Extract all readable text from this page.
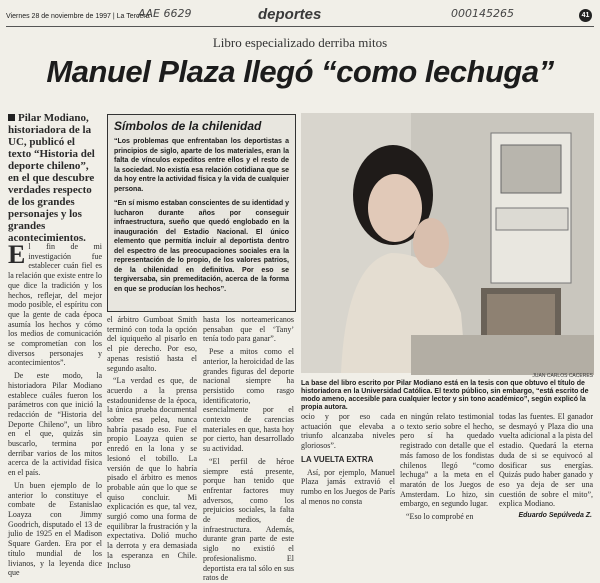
Viernes 28 de noviembre de 1997 | La Tercera
AAE 6629	deportes	000145265	41
Libro especializado derriba mitos
Manuel Plaza llegó “como lechuga”
Pilar Modiano, historiadora de la UC, publicó el texto “Historia del deporte chileno”, en el que descubre verdades respecto de los grandes personajes y los grandes acontecimientos.
Símbolos de la chilenidad

“Los problemas que enfrentaban los deportistas a principios de siglo, aparte de los materiales, eran la falta de vínculos expeditos entre ellos y el resto de la sociedad. No existía esa relación cotidiana que se da hoy entre la actividad física y la vida de cualquier persona.

“En sí mismo estaban conscientes de su identidad y lucharon durante años por conseguir infraestructura, sueño que quedó englobado en la inauguración del Estadio Nacional. El único elemento que permitía incluir al deportista dentro del espectro de las preocupaciones sociales era la representación de lo propio, de los valores patrios, de la chilenidad en definitiva. Por eso se tergiversaba, sin premeditación, acerca de la forma en que se producían los hechos”.

JUAN CARLOS CACERES
La base del libro escrito por Pilar Modiano está en la tesis con que obtuvo el título de historiadora en la Universidad Católica. El texto público, sin embargo, “está escrito de modo ameno, accesible para cualquier lector y sin tono académico”, según explicó la propia autora.

El fin de mi investigación fue establecer cuán fiel es la relación que existe entre lo que dice la tradición y los hechos, reflejar, del mejor modo posible, el espíritu con que la gente de cada época asumía los hechos y cómo los medios de comunicación se comprometían con los diversos personajes y acontecimientos”.

De este modo, la historiadora Pilar Modiano establece cuáles fueron los parámetros con que inició la redacción de “Historia del Deporte Chileno”, un libro en el que, quizás sin buscarlo, termina por derribar varios de los mitos acerca de la actividad física en el país.

Un buen ejemplo de lo anterior lo constituye el combate de Estanislao Loayza con Jimmy Goodrich, disputado el 13 de julio de 1925 en el Madison Square Garden. Era por el título mundial de los livianos, y la leyenda dice que

el árbitro Gumboat Smith terminó con toda la opción del iquiqueño al pisarlo en el pie derecho. Por eso, apenas resistió hasta el segundo asalto.

“La verdad es que, de acuerdo a la prensa estadounidense de la época, la única prueba documental sobre esa pelea, nunca habría pasado eso. Fue el propio Loayza quien se enredó en la lona y se lesionó el tobillo. La versión de que lo habría pisado el árbitro es menos probable aún que lo que se quiso concluir. Mi explicación es que, tal vez, surgió como una forma de equilibrar la frustración y la expectativa. Dolió mucho la derrota y era demasiada la esperanza en Chile. Incluso

hasta los norteamericanos pensaban que el ‘Tany’ tenía todo para ganar”.

Pese a mitos como el anterior, la heroicidad de las grandes figuras del deporte nacional siempre ha persistido como rasgo identificatorio, esencialmente por el contexto de carencias materiales en que, hasta hoy por cierto, han desarrollado su actividad.

“El perfil de héroe siempre está presente, porque han tenido que enfrentar factores muy adversos, como los prejuicios sociales, la falta de medios, de infraestructura. Además, durante gran parte de este siglo no existió el profesionalismo. El deportista era tal sólo en sus ratos de

ocio y por eso cada actuación que elevaba a triunfo alcanzaba niveles gloriosos”.

LA VUELTA EXTRA

Así, por ejemplo, Manuel Plaza jamás extravió el rumbo en los Juegos de París al menos no consta

en ningún relato testimonial o texto serio sobre el hecho, pero sí ha quedado registrado con detalle que el más famoso de los fondistas chilenos llegó “como lechuga” a la meta en el maratón de los Juegos de Amsterdam. Lo hizo, sin embargo, en segundo lugar.

“Eso lo comprobé en

todas las fuentes. El ganador se desmayó y Plaza dio una vuelta adicional a la pista del estadio. Quedará la eterna duda de si se equivocó al dosificar sus energías. Quizás pudo haber ganado y eso ya deja de ser una cuestión de sobre el mito”, explica Modiano.

Eduardo Sepúlveda Z.
